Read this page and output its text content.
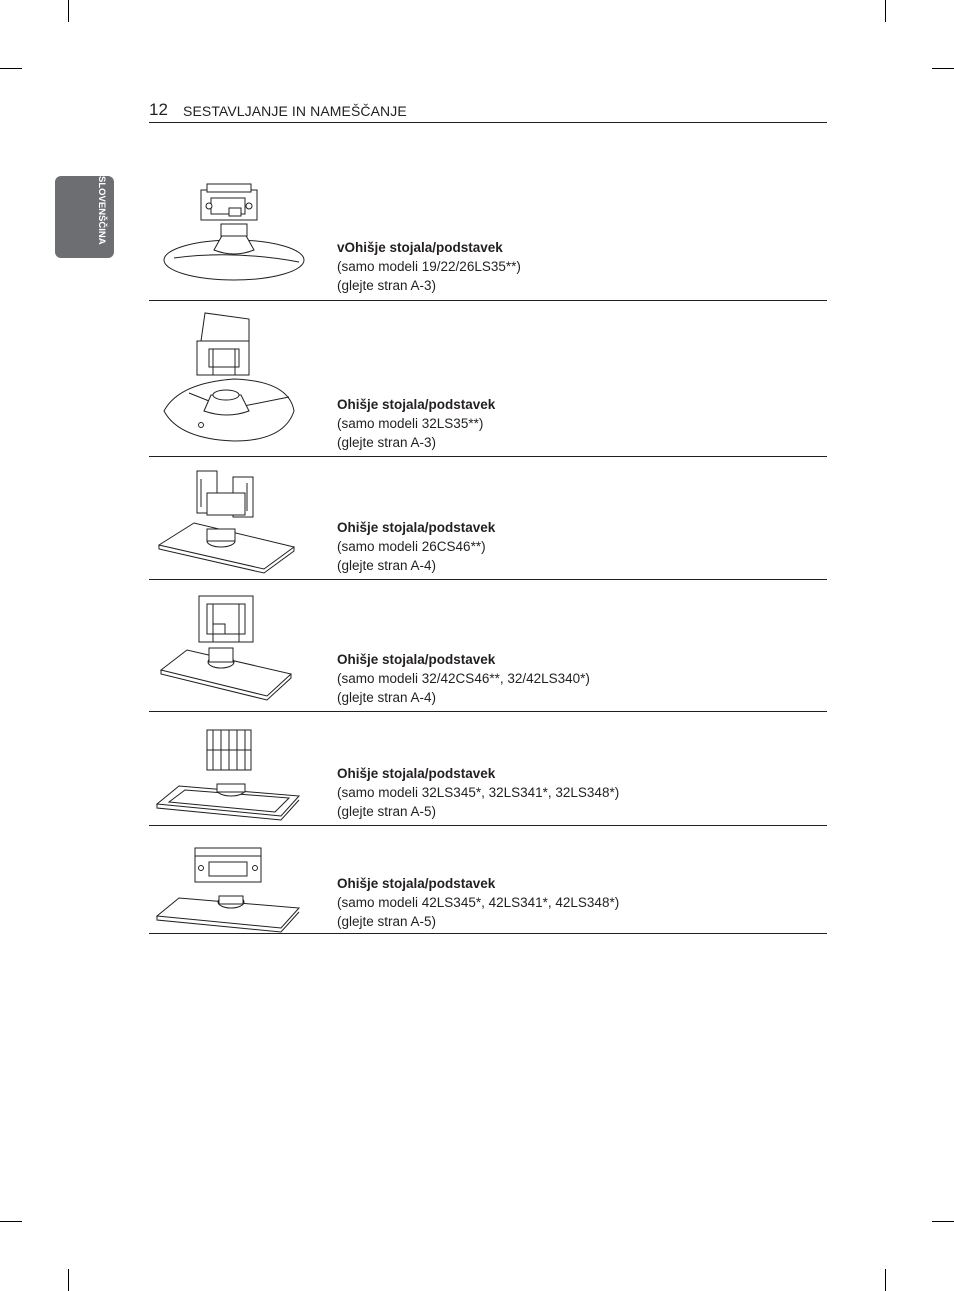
12 SESTAVLJANJE IN NAMEŠČANJE
SLOVENŠČINA
vOhišje stojala/podstavek
(samo modeli 19/22/26LS35**)
(glejte stran A-3)
Ohišje stojala/podstavek
(samo modeli 32LS35**)
(glejte stran A-3)
Ohišje stojala/podstavek
(samo modeli 26CS46**)
(glejte stran A-4)
Ohišje stojala/podstavek
(samo modeli 32/42CS46**, 32/42LS340*)
(glejte stran A-4)
Ohišje stojala/podstavek
(samo modeli 32LS345*, 32LS341*, 32LS348*)
(glejte stran A-5)
Ohišje stojala/podstavek
(samo modeli 42LS345*, 42LS341*, 42LS348*)
(glejte stran A-5)
